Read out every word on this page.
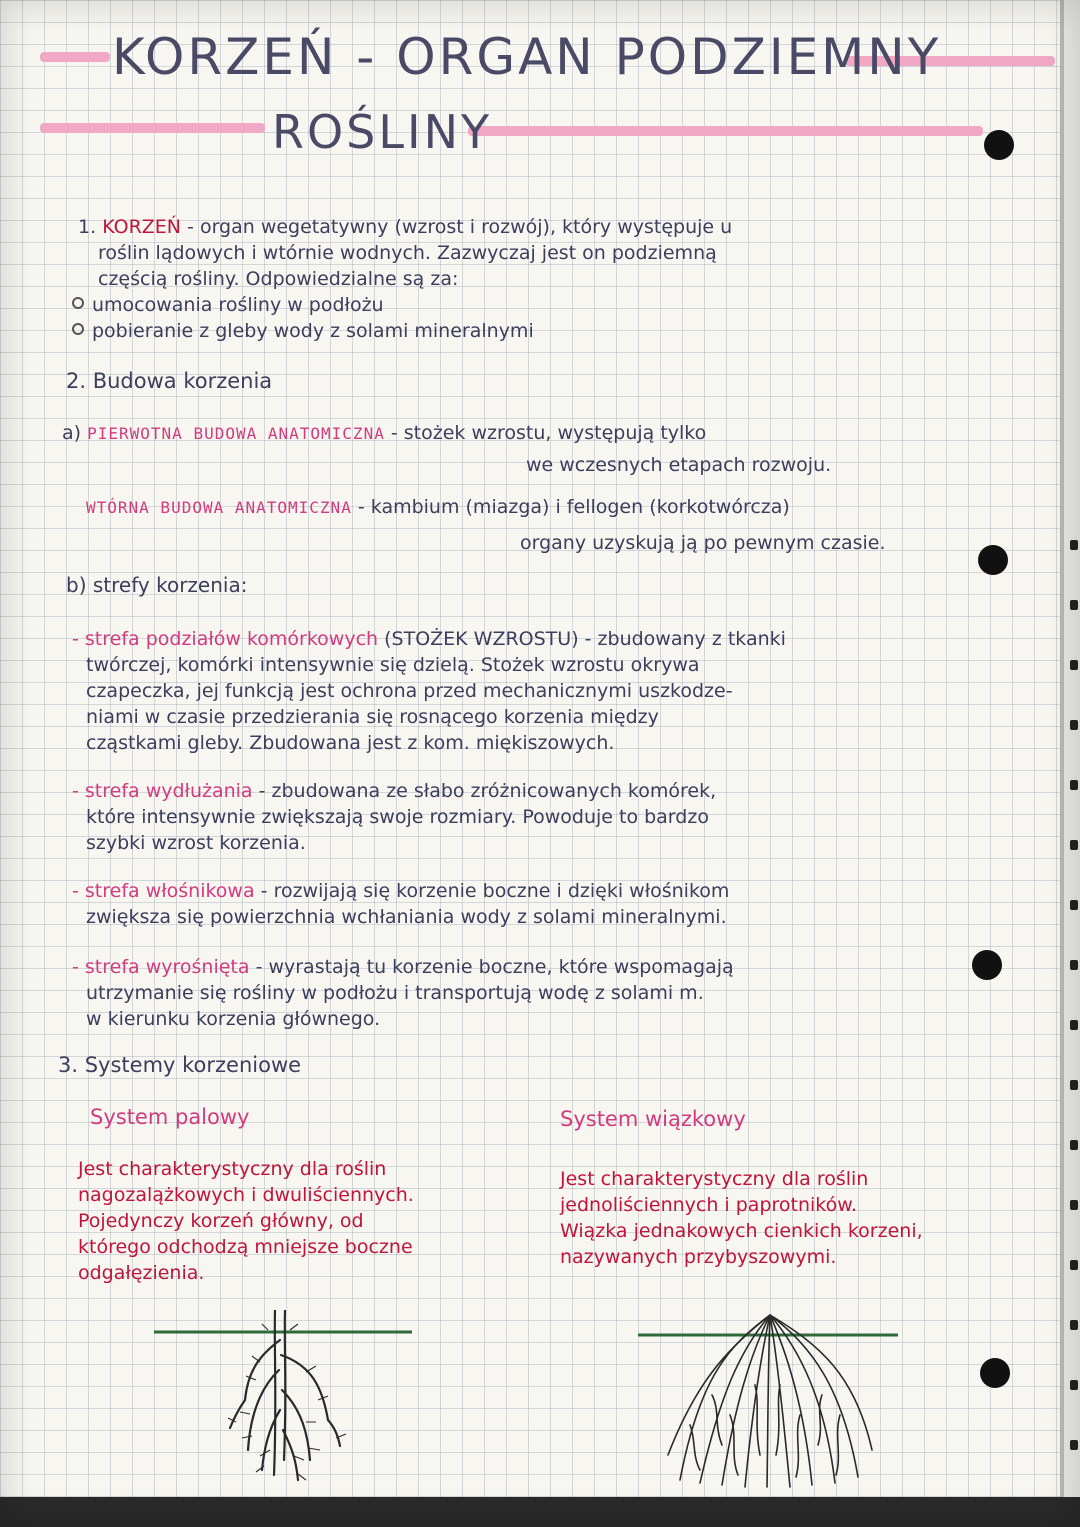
KORZEŃ - ORGAN PODZIEMNY
ROŚLINY
1. KORZEŃ - organ wegetatywny (wzrost i rozwój), który występuje u
roślin lądowych i wtórnie wodnych. Zazwyczaj jest on podziemną
częścią rośliny. Odpowiedzialne są za:
umocowania rośliny w podłożu
pobieranie z gleby wody z solami mineralnymi
2. Budowa korzenia
a) PIERWOTNA BUDOWA ANATOMICZNA - stożek wzrostu, występują tylko
we wczesnych etapach rozwoju.
WTÓRNA BUDOWA ANATOMICZNA - kambium (miazga) i fellogen (korkotwórcza)
organy uzyskują ją po pewnym czasie.
b) strefy korzenia:
- strefa podziałów komórkowych (STOŻEK WZROSTU) - zbudowany z tkanki
twórczej, komórki intensywnie się dzielą. Stożek wzrostu okrywa
czapeczka, jej funkcją jest ochrona przed mechanicznymi uszkodze-
niami w czasie przedzierania się rosnącego korzenia między
cząstkami gleby. Zbudowana jest z kom. miękiszowych.
- strefa wydłużania - zbudowana ze słabo zróżnicowanych komórek,
które intensywnie zwiększają swoje rozmiary. Powoduje to bardzo
szybki wzrost korzenia.
- strefa włośnikowa - rozwijają się korzenie boczne i dzięki włośnikom
zwiększa się powierzchnia wchłaniania wody z solami mineralnymi.
- strefa wyrośnięta - wyrastają tu korzenie boczne, które wspomagają
utrzymanie się rośliny w podłożu i transportują wodę z solami m.
w kierunku korzenia głównego.
3. Systemy korzeniowe
System palowy
Jest charakterystyczny dla roślin
nagozalążkowych i dwuliściennych.
Pojedynczy korzeń główny, od
którego odchodzą mniejsze boczne
odgałęzienia.
System wiązkowy
Jest charakterystyczny dla roślin
jednoliściennych i paprotników.
Wiązka jednakowych cienkich korzeni,
nazywanych przybyszowymi.
